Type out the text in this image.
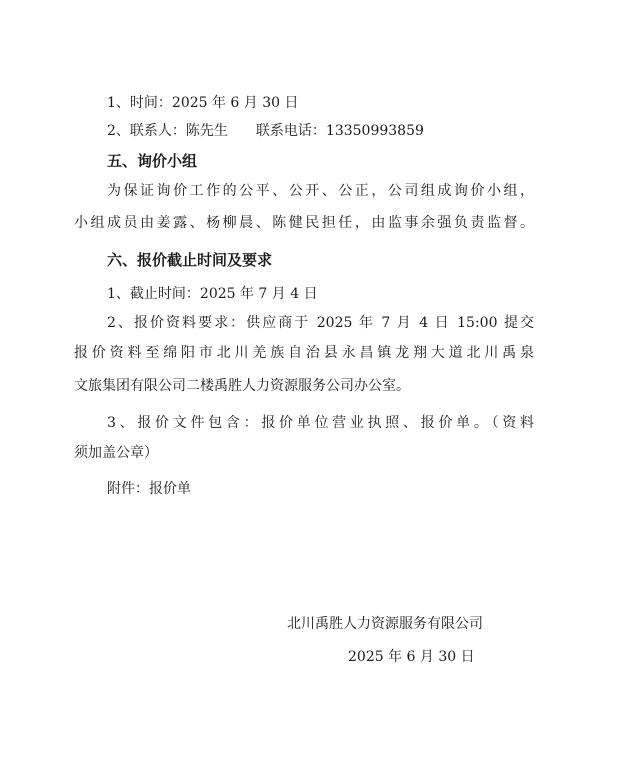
1、时间：2025 年 6 月 30 日
2、联系人：陈先生 联系电话：13350993859
五、询价小组
为保证询价工作的公平、公开、公正，公司组成询价小组，
小组成员由姜露、杨柳晨、陈健民担任，由监事余强负责监督。
六、报价截止时间及要求
1、截止时间：2025 年 7 月 4 日
2、报价资料要求：供应商于 2025 年 7 月 4 日 15:00 提交
报价资料至绵阳市北川羌族自治县永昌镇龙翔大道北川禹泉
文旅集团有限公司二楼禹胜人力资源服务公司办公室。
3、报价文件包含：报价单位营业执照、报价单。（资料
须加盖公章）
附件：报价单
北川禹胜人力资源服务有限公司
2025 年 6 月 30 日
